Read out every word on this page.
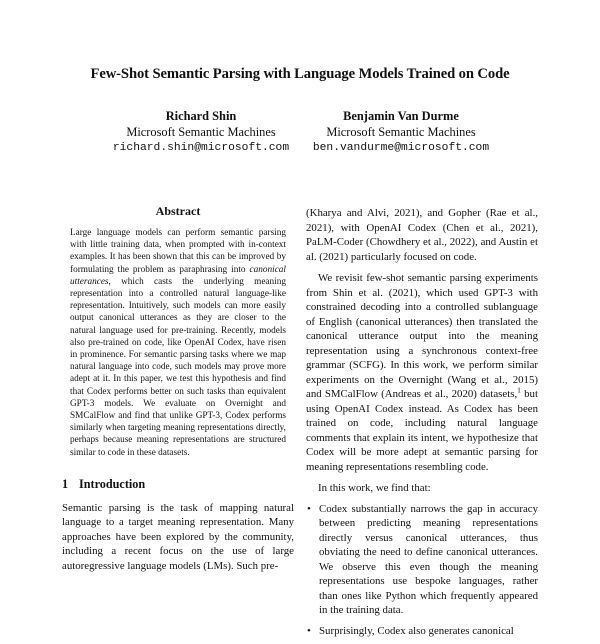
Few-Shot Semantic Parsing with Language Models Trained on Code
Richard Shin
Microsoft Semantic Machines
richard.shin@microsoft.com
Benjamin Van Durme
Microsoft Semantic Machines
ben.vandurme@microsoft.com
Abstract

Large language models can perform semantic parsing with little training data, when prompted with in-context examples. It has been shown that this can be improved by formulating the problem as paraphrasing into canonical utterances, which casts the underlying meaning representation into a controlled natural language-like representation. Intuitively, such models can more easily output canonical utterances as they are closer to the natural language used for pre-training. Recently, models also pre-trained on code, like OpenAI Codex, have risen in prominence. For semantic parsing tasks where we map natural language into code, such models may prove more adept at it. In this paper, we test this hypothesis and find that Codex performs better on such tasks than equivalent GPT-3 models. We evaluate on Overnight and SMCalFlow and find that unlike GPT-3, Codex performs similarly when targeting meaning representations directly, perhaps because meaning representations are structured similar to code in these datasets.

1 Introduction

Semantic parsing is the task of mapping natural language to a target meaning representation. Many approaches have been explored by the community, including a recent focus on the use of large autoregressive language models (LMs). Such pre-

(Kharya and Alvi, 2021), and Gopher (Rae et al., 2021), with OpenAI Codex (Chen et al., 2021), PaLM-Coder (Chowdhery et al., 2022), and Austin et al. (2021) particularly focused on code.

We revisit few-shot semantic parsing experiments from Shin et al. (2021), which used GPT-3 with constrained decoding into a controlled sublanguage of English (canonical utterances) then translated the canonical utterance output into the meaning representation using a synchronous context-free grammar (SCFG). In this work, we perform similar experiments on the Overnight (Wang et al., 2015) and SMCalFlow (Andreas et al., 2020) datasets,$^1$ but using OpenAI Codex instead. As Codex has been trained on code, including natural language comments that explain its intent, we hypothesize that Codex will be more adept at semantic parsing for meaning representations resembling code.

In this work, we find that:

• Codex substantially narrows the gap in accuracy between predicting meaning representations directly versus canonical utterances, thus obviating the need to define canonical utterances. We observe this even though the meaning representations use bespoke languages, rather than ones like Python which frequently appeared in the training data.
• Surprisingly, Codex also generates canonical
